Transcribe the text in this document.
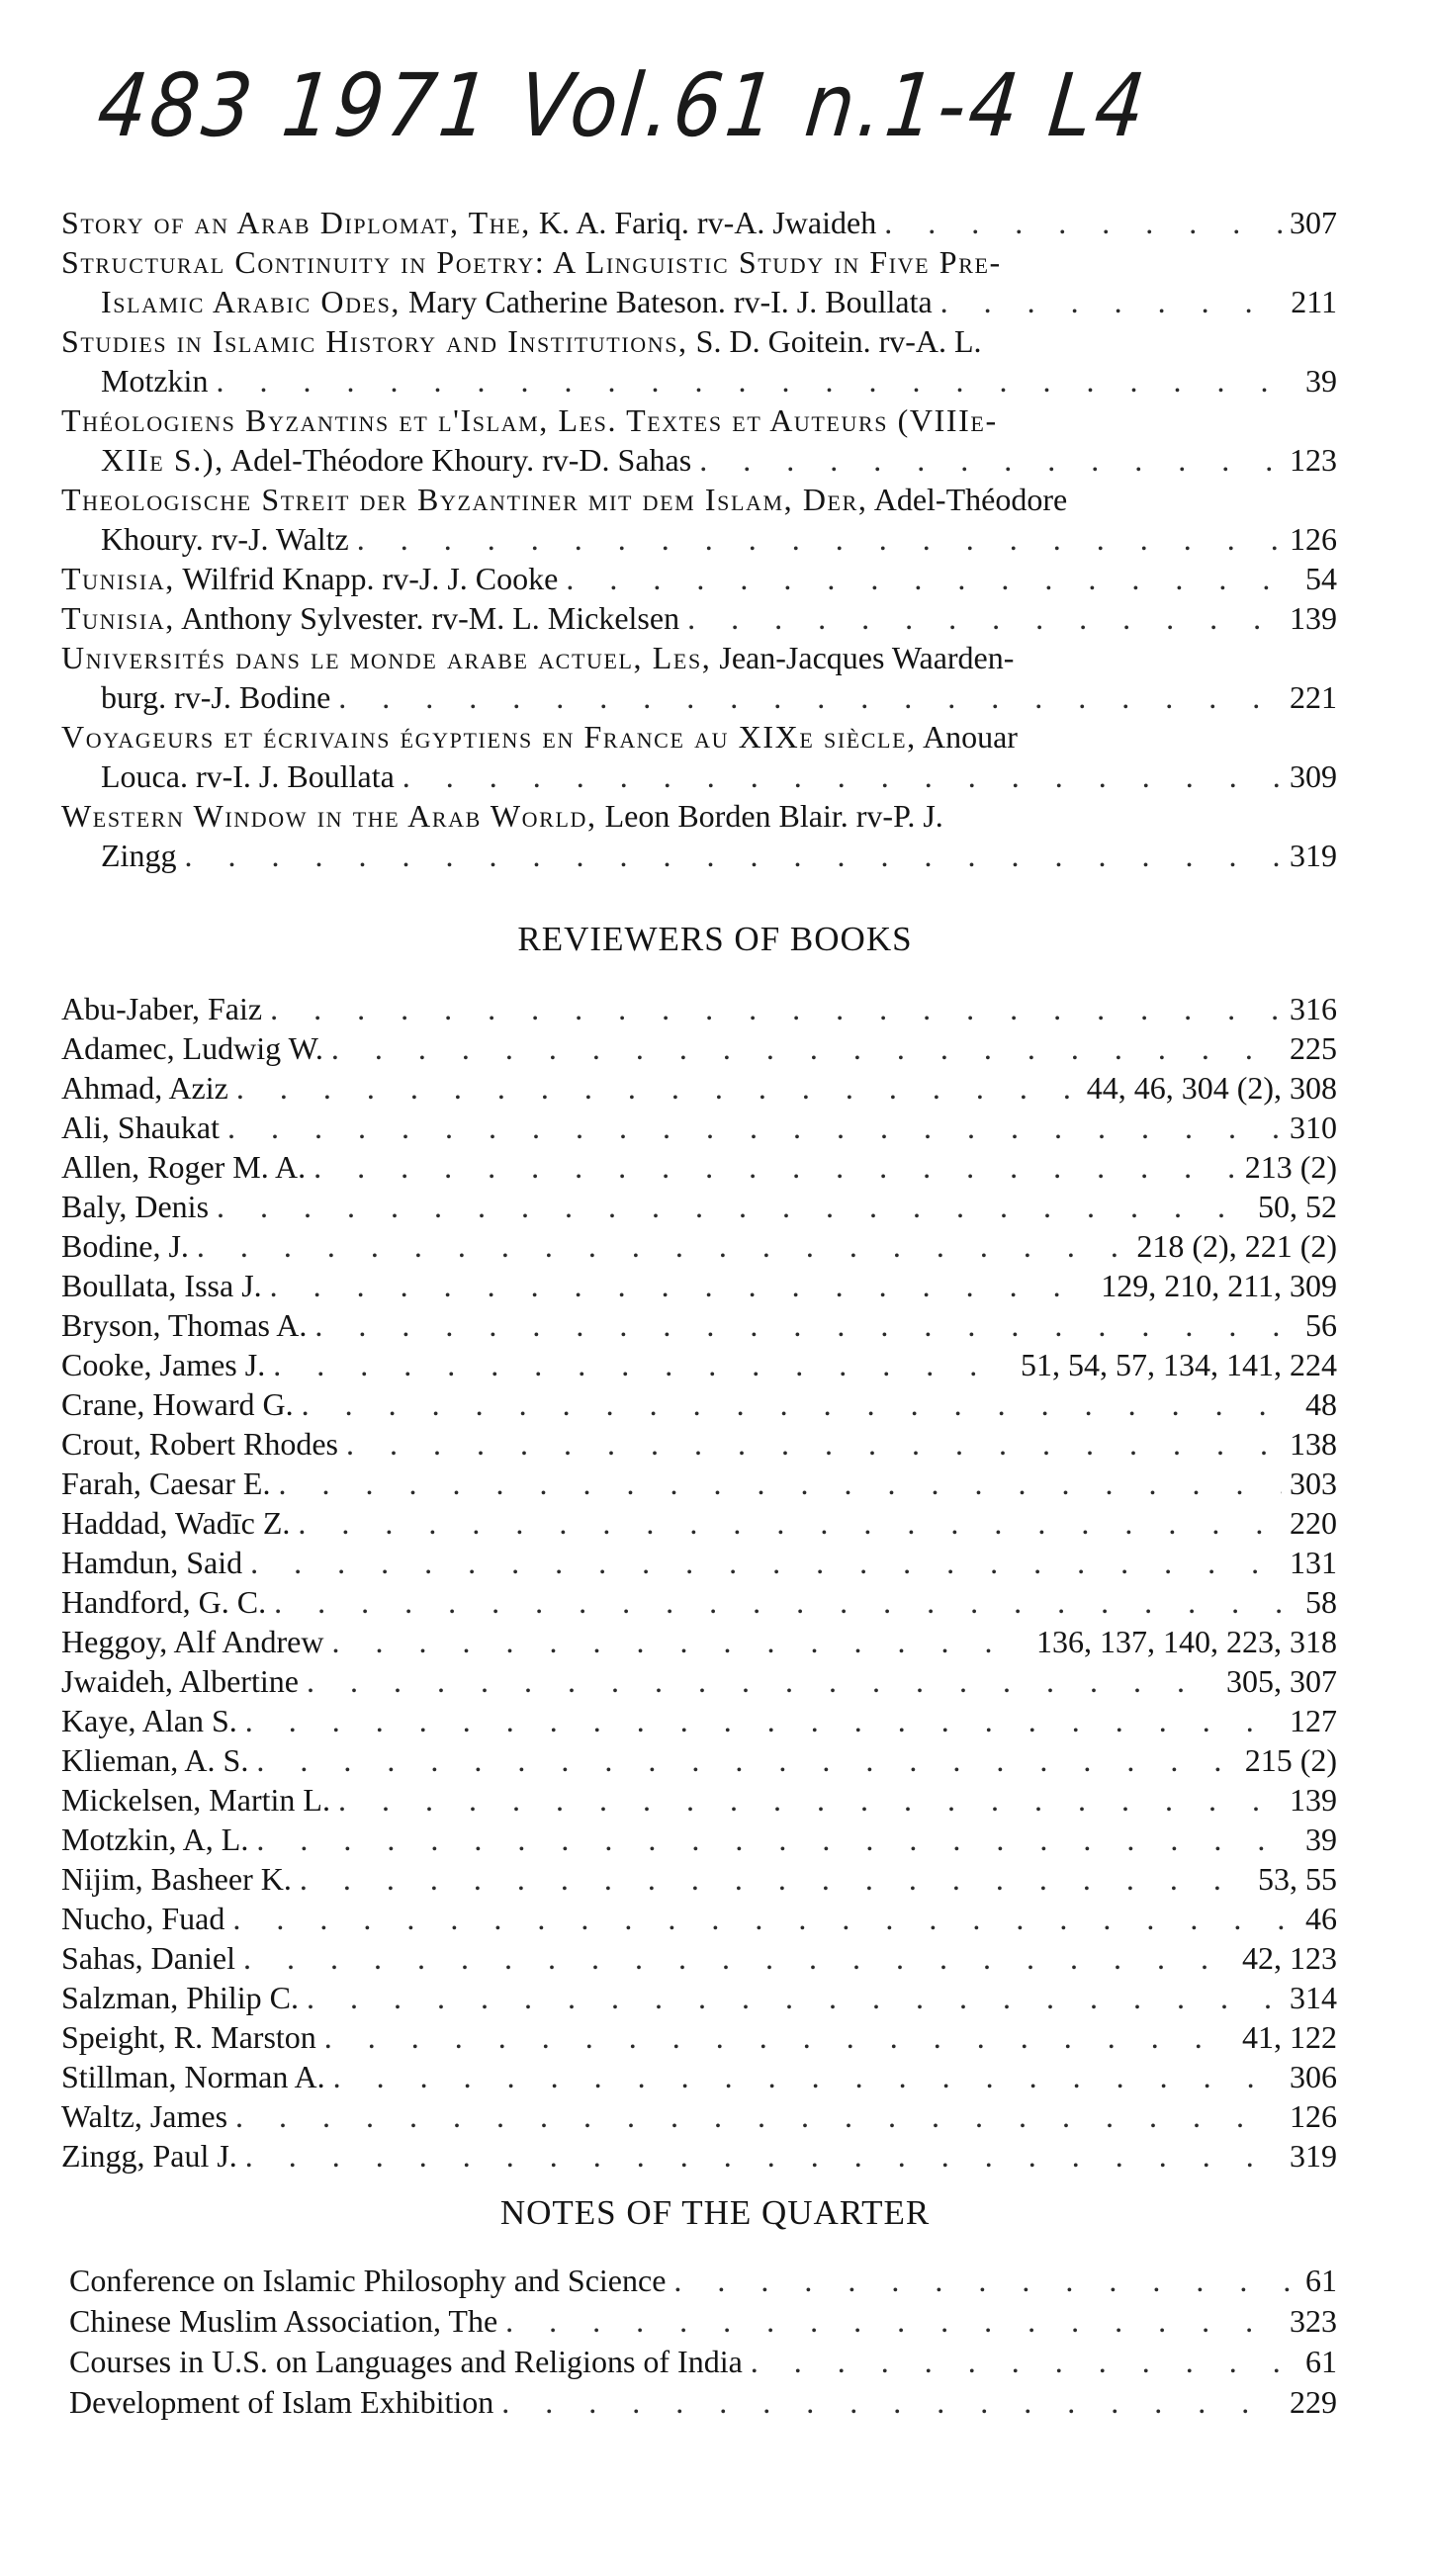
483 1971 Vol.61 n.1-4 L4
Story of an Arab Diplomat, The, K. A. Fariq. rv-A. Jwaideh . . .	307
Structural Continuity in Poetry: A Linguistic Study in Five Pre-
Islamic Arabic Odes, Mary Catherine Bateson. rv-I. J. Boullata . . .	211
Studies in Islamic History and Institutions, S. D. Goitein. rv-A. L.
Motzkin . . .	39
Théologiens Byzantins et l'Islam, Les. Textes et Auteurs (VIIIe-
XIIe S.), Adel-Théodore Khoury. rv-D. Sahas . . .	123
Theologische Streit der Byzantiner mit dem Islam, Der, Adel-Théodore
Khoury. rv-J. Waltz . . .	126
Tunisia, Wilfrid Knapp. rv-J. J. Cooke . . .	54
Tunisia, Anthony Sylvester. rv-M. L. Mickelsen . . .	139
Universités dans le monde arabe actuel, Les, Jean-Jacques Waarden-
burg. rv-J. Bodine . . .	221
Voyageurs et écrivains égyptiens en France au XIXe siècle, Anouar
Louca. rv-I. J. Boullata . . .	309
Western Window in the Arab World, Leon Borden Blair. rv-P. J.
Zingg . . .	319
REVIEWERS OF BOOKS
Abu-Jaber, Faiz . . .	316
Adamec, Ludwig W. . . .	225
Ahmad, Aziz . . .	44, 46, 304 (2), 308
Ali, Shaukat . . .	310
Allen, Roger M. A. . . .	213 (2)
Baly, Denis . . .	50, 52
Bodine, J. . . .	218 (2), 221 (2)
Boullata, Issa J. . . .	129, 210, 211, 309
Bryson, Thomas A. . . .	56
Cooke, James J. . . .	51, 54, 57, 134, 141, 224
Crane, Howard G. . . .	48
Crout, Robert Rhodes . . .	138
Farah, Caesar E. . . .	303
Haddad, Wadīc Z. . . .	220
Hamdun, Said . . .	131
Handford, G. C. . . .	58
Heggoy, Alf Andrew . . .	136, 137, 140, 223, 318
Jwaideh, Albertine . . .	305, 307
Kaye, Alan S. . . .	127
Klieman, A. S. . . .	215 (2)
Mickelsen, Martin L. . . .	139
Motzkin, A, L. . . .	39
Nijim, Basheer K. . . .	53, 55
Nucho, Fuad . . .	46
Sahas, Daniel . . .	42, 123
Salzman, Philip C. . . .	314
Speight, R. Marston . . .	41, 122
Stillman, Norman A. . . .	306
Waltz, James . . .	126
Zingg, Paul J. . . .	319
NOTES OF THE QUARTER
Conference on Islamic Philosophy and Science . . .	61
Chinese Muslim Association, The . . .	323
Courses in U.S. on Languages and Religions of India . . .	61
Development of Islam Exhibition . . .	229
